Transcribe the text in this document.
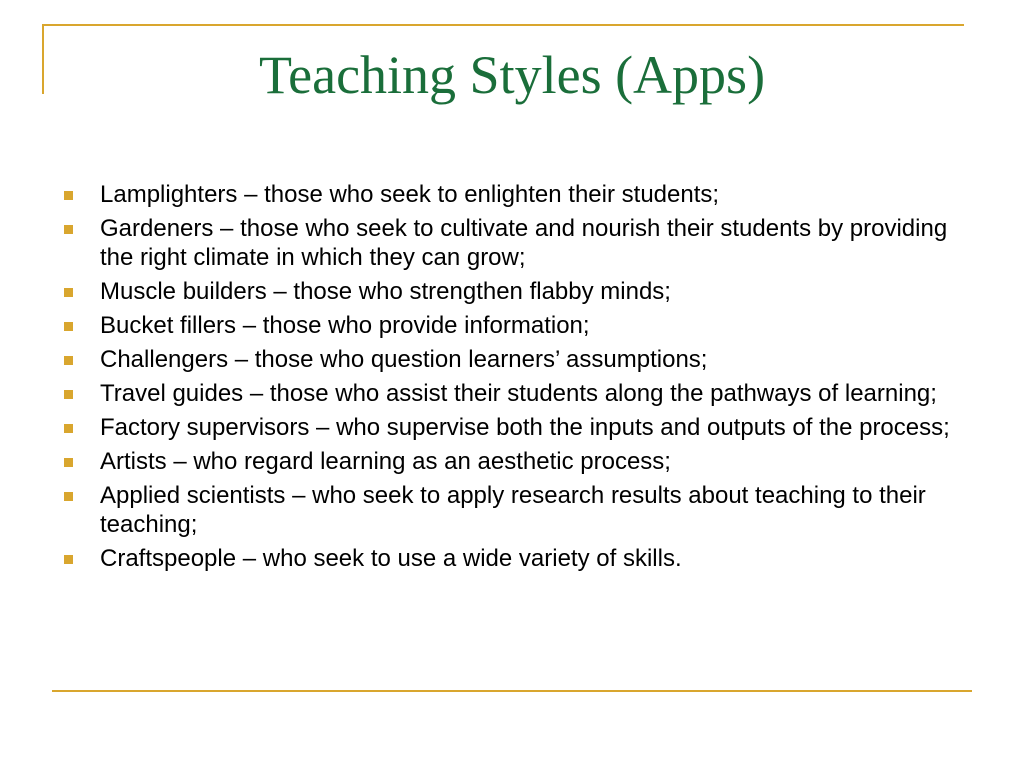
Teaching Styles (Apps)
Lamplighters – those who seek to enlighten their students;
Gardeners – those who seek to cultivate and nourish their students by providing the right climate in which they can grow;
Muscle builders – those who strengthen flabby minds;
Bucket fillers – those who provide information;
Challengers – those who question learners’ assumptions;
Travel guides – those who assist their students along the pathways of learning;
Factory supervisors – who supervise both the inputs and outputs of the process;
Artists – who regard learning as an aesthetic process;
Applied scientists – who seek to apply research results about teaching to their teaching;
Craftspeople – who seek to use a wide variety of skills.
